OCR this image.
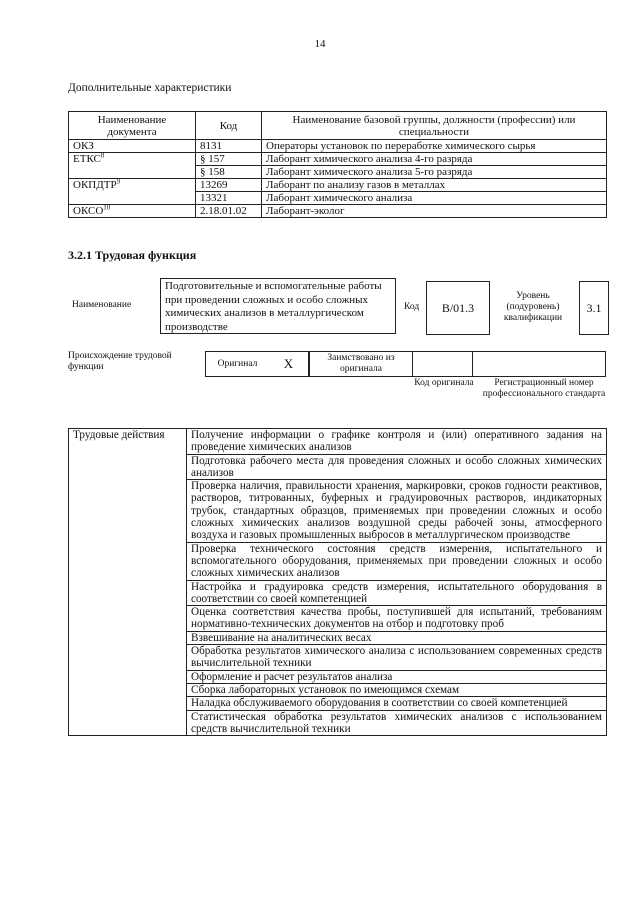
14
Дополнительные характеристики
Наименование документа	Код	Наименование базовой группы, должности (профессии) или специальности
ОКЗ	8131	Операторы установок по переработке химического сырья
ЕТКС$^8$	§ 157	Лаборант химического анализа 4-го разряда
	§ 158	Лаборант химического анализа 5-го разряда
ОКПДТР$^9$	13269	Лаборант по анализу газов в металлах
	13321	Лаборант химического анализа
ОКСО$^{10}$	2.18.01.02	Лаборант-эколог
3.2.1 Трудовая функция
Наименование
Подготовительные и вспомогательные работы при проведении сложных и особо сложных химических анализов в металлургическом производстве
Код	B/01.3
Уровень (подуровень) квалификации
3.1
Происхождение трудовой функции	Оригинал	X	Заимствовано из оригинала
Код оригинала	Регистрационный номер профессионального стандарта
Трудовые действия	Получение информации о графике контроля и (или) оперативного задания на проведение химических анализов
Подготовка рабочего места для проведения сложных и особо сложных химических анализов
Проверка наличия, правильности хранения, маркировки, сроков годности реактивов, растворов, титрованных, буферных и градуировочных растворов, индикаторных трубок, стандартных образцов, применяемых при проведении сложных и особо сложных химических анализов воздушной среды рабочей зоны, атмосферного воздуха и газовых промышленных выбросов в металлургическом производстве
Проверка технического состояния средств измерения, испытательного и вспомогательного оборудования, применяемых при проведении сложных и особо сложных химических анализов
Настройка и градуировка средств измерения, испытательного оборудования в соответствии со своей компетенцией
Оценка соответствия качества пробы, поступившей для испытаний, требованиям нормативно-технических документов на отбор и подготовку проб
Взвешивание на аналитических весах
Обработка результатов химического анализа с использованием современных средств вычислительной техники
Оформление и расчет результатов анализа
Сборка лабораторных установок по имеющимся схемам
Наладка обслуживаемого оборудования в соответствии со своей компетенцией
Статистическая обработка результатов химических анализов с использованием средств вычислительной техники
